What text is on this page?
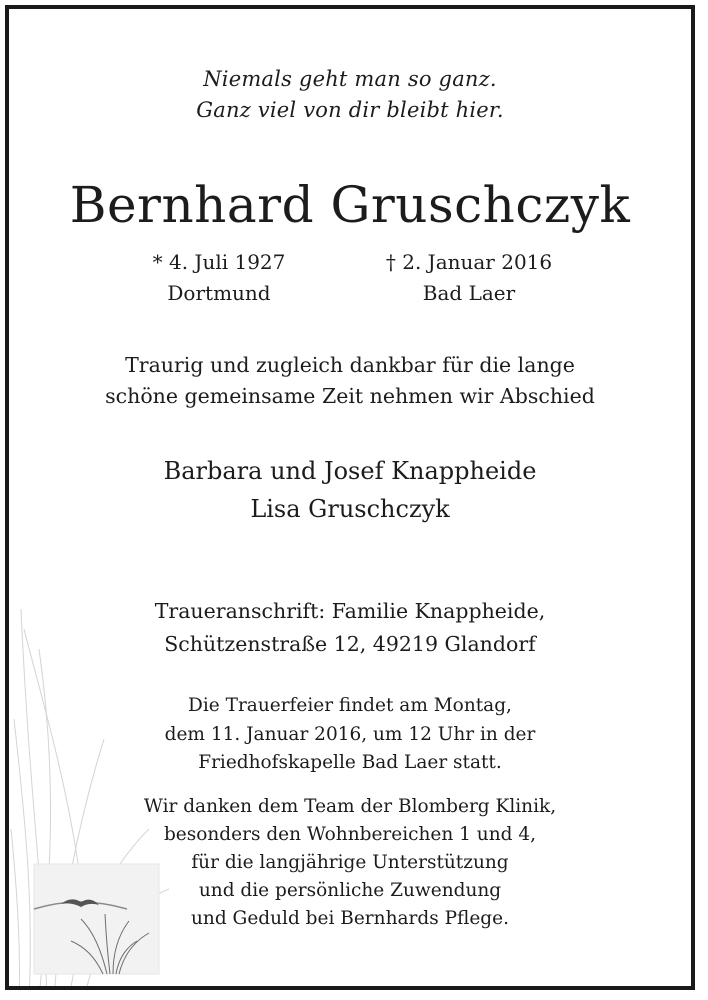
Niemals geht man so ganz.
Ganz viel von dir bleibt hier.
Bernhard Gruschczyk
* 4. Juli 1927
Dortmund
† 2. Januar 2016
Bad Laer
Traurig und zugleich dankbar für die lange
schöne gemeinsame Zeit nehmen wir Abschied
Barbara und Josef Knappheide
Lisa Gruschczyk
Traueranschrift: Familie Knappheide,
Schützenstraße 12, 49219 Glandorf
Die Trauerfeier findet am Montag,
dem 11. Januar 2016, um 12 Uhr in der
Friedhofskapelle Bad Laer statt.
Wir danken dem Team der Blomberg Klinik,
besonders den Wohnbereichen 1 und 4,
für die langjährige Unterstützung
und die persönliche Zuwendung
und Geduld bei Bernhards Pflege.
